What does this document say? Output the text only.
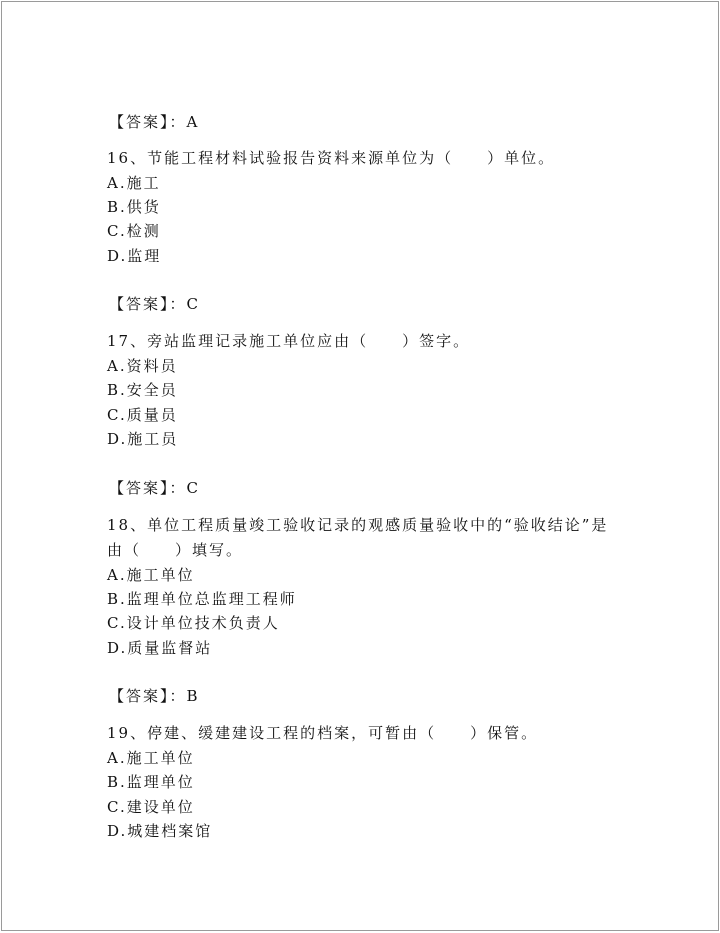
【答案】：A
16、节能工程材料试验报告资料来源单位为（　　）单位。
A.施工
B.供货
C.检测
D.监理
【答案】：C
17、旁站监理记录施工单位应由（　　）签字。
A.资料员
B.安全员
C.质量员
D.施工员
【答案】：C
18、单位工程质量竣工验收记录的观感质量验收中的“验收结论”是
由（　　）填写。
A.施工单位
B.监理单位总监理工程师
C.设计单位技术负责人
D.质量监督站
【答案】：B
19、停建、缓建建设工程的档案，可暂由（　　）保管。
A.施工单位
B.监理单位
C.建设单位
D.城建档案馆
